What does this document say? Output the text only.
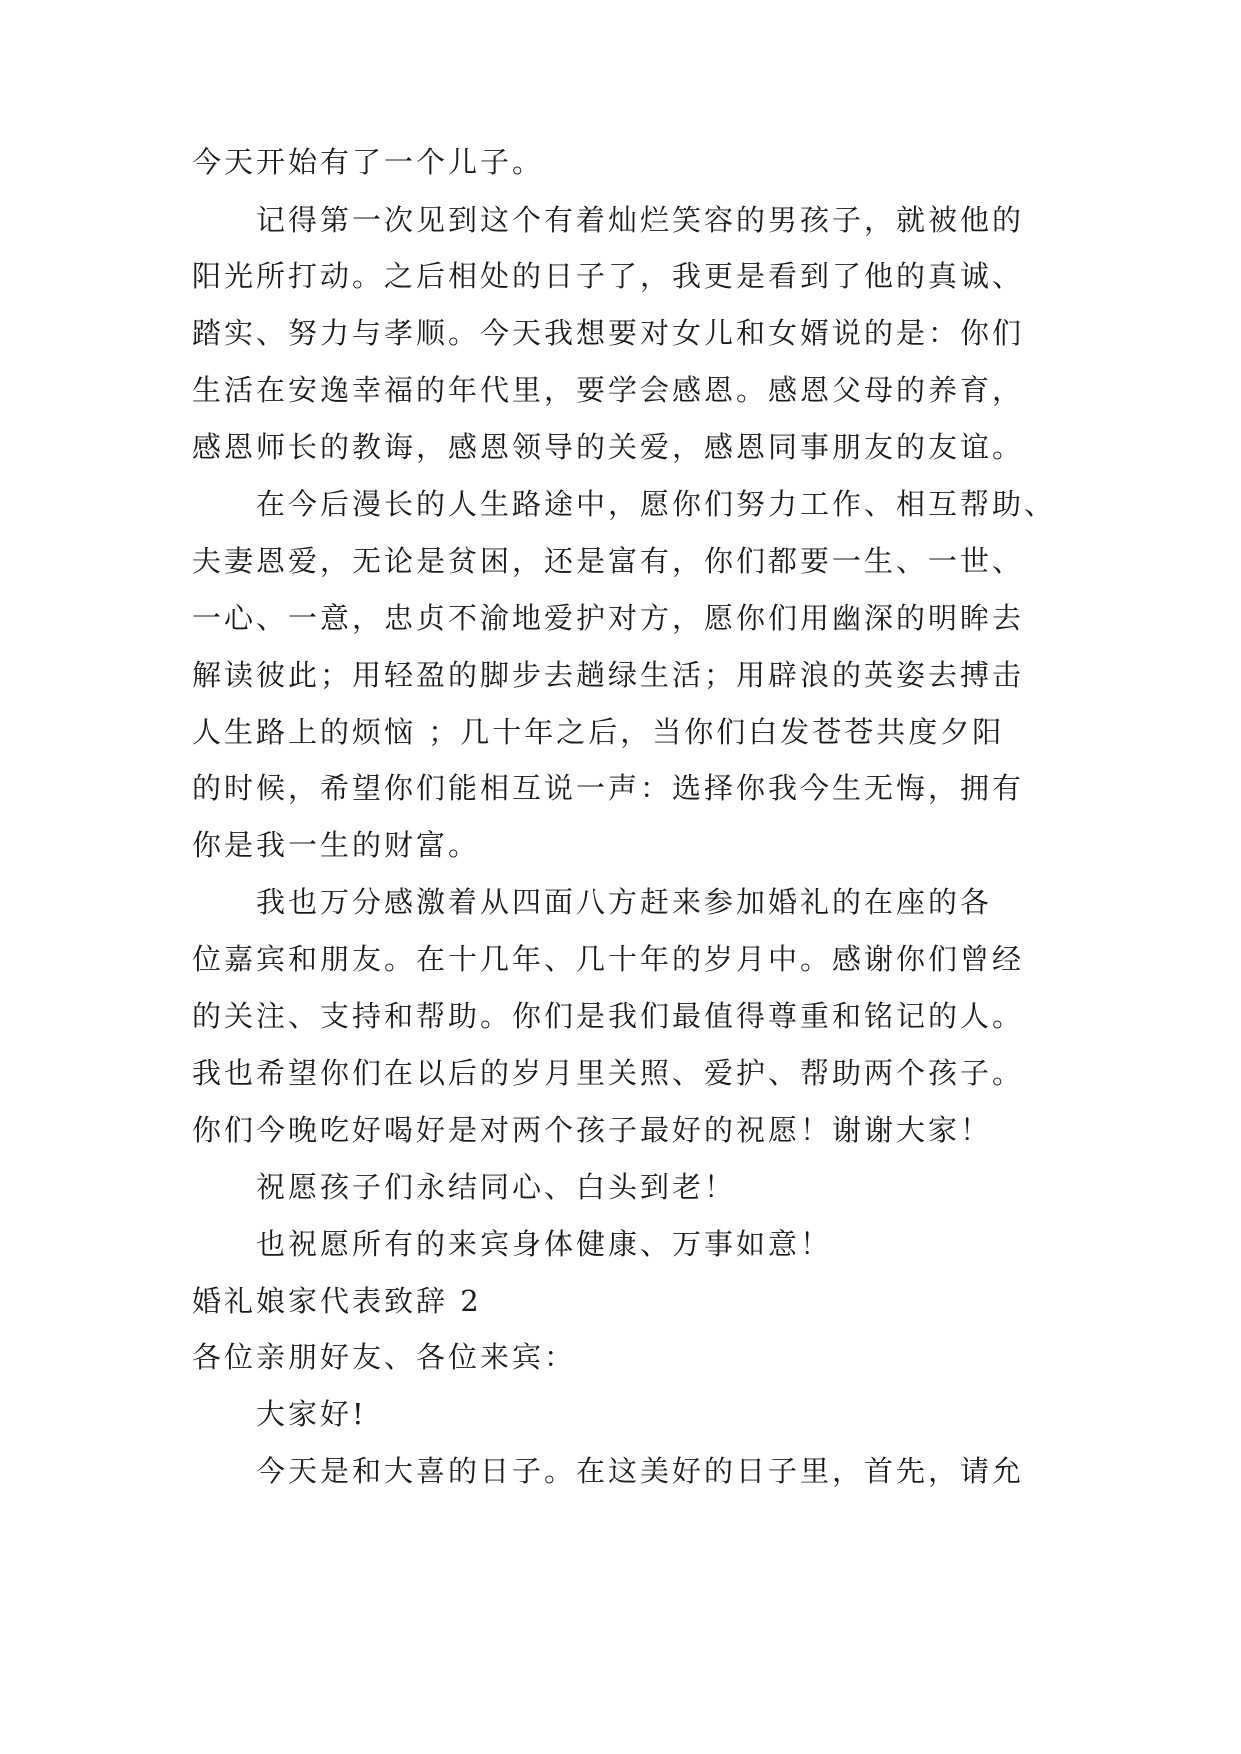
今天开始有了一个儿子。
记得第一次见到这个有着灿烂笑容的男孩子，就被他的
阳光所打动。之后相处的日子了，我更是看到了他的真诚、
踏实、努力与孝顺。今天我想要对女儿和女婿说的是：你们
生活在安逸幸福的年代里，要学会感恩。感恩父母的养育，
感恩师长的教诲，感恩领导的关爱，感恩同事朋友的友谊。
在今后漫长的人生路途中，愿你们努力工作、相互帮助、
夫妻恩爱，无论是贫困，还是富有，你们都要一生、一世、
一心、一意，忠贞不渝地爱护对方，愿你们用幽深的明眸去
解读彼此；用轻盈的脚步去趟绿生活；用辟浪的英姿去搏击
人生路上的烦恼 ；几十年之后，当你们白发苍苍共度夕阳
的时候，希望你们能相互说一声：选择你我今生无悔，拥有
你是我一生的财富。
我也万分感激着从四面八方赶来参加婚礼的在座的各
位嘉宾和朋友。在十几年、几十年的岁月中。感谢你们曾经
的关注、支持和帮助。你们是我们最值得尊重和铭记的人。
我也希望你们在以后的岁月里关照、爱护、帮助两个孩子。
你们今晚吃好喝好是对两个孩子最好的祝愿！谢谢大家！
祝愿孩子们永结同心、白头到老！
也祝愿所有的来宾身体健康、万事如意！
婚礼娘家代表致辞 2
各位亲朋好友、各位来宾：
大家好!
今天是和大喜的日子。在这美好的日子里，首先，请允
